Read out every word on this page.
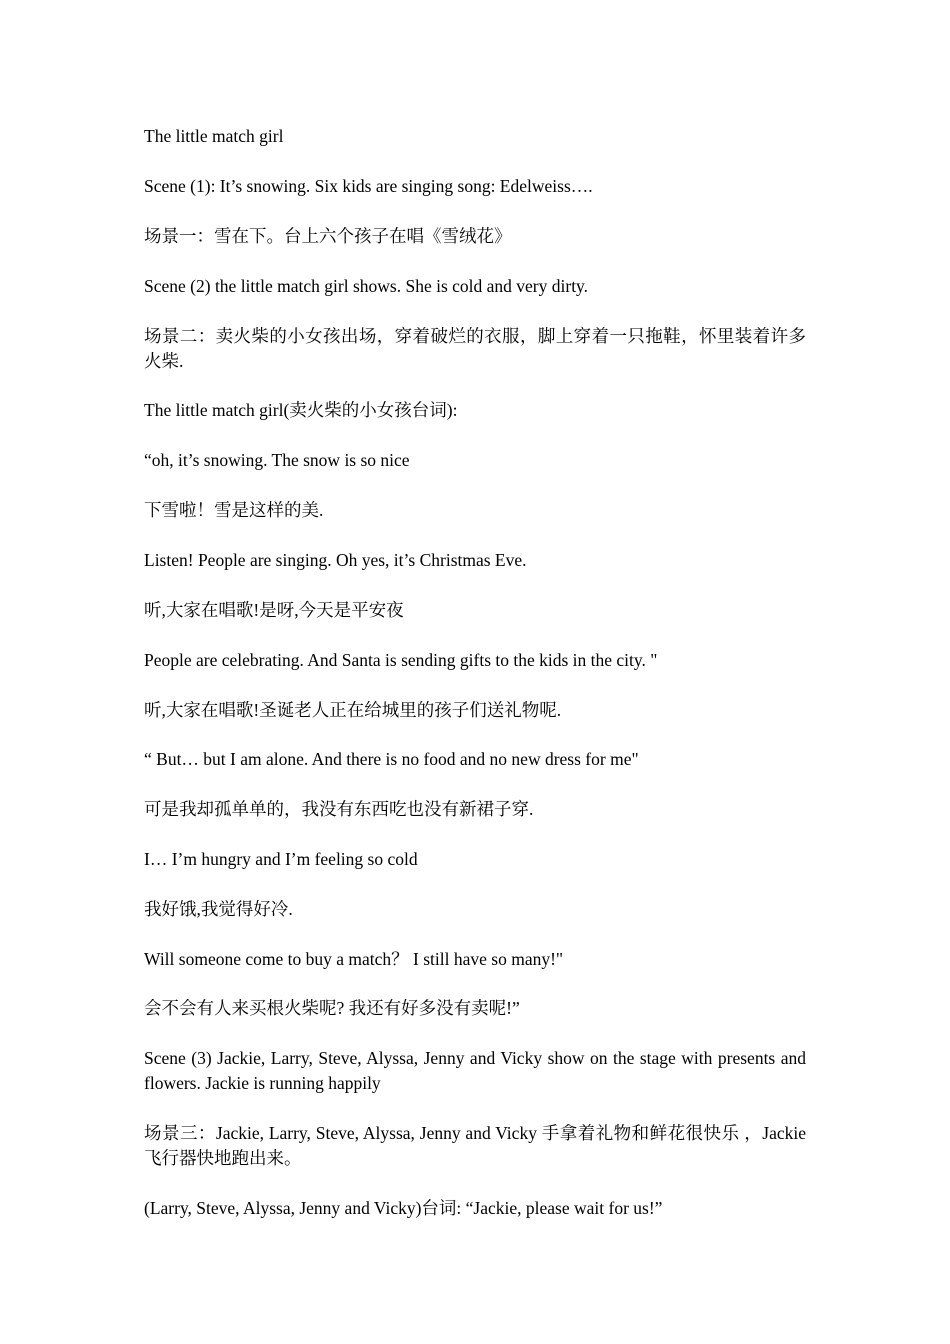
The little match girl

Scene (1): It’s snowing. Six kids are singing song: Edelweiss….

场景一：雪在下。台上六个孩子在唱《雪绒花》

Scene (2) the little match girl shows. She is cold and very dirty.

场景二：卖火柴的小女孩出场，穿着破烂的衣服，脚上穿着一只拖鞋，怀里装着许多火柴.

The little match girl(卖火柴的小女孩台词):

“oh, it’s snowing. The snow is so nice

下雪啦！雪是这样的美.

Listen! People are singing. Oh yes, it’s Christmas Eve.

听,大家在唱歌!是呀,今天是平安夜

People are celebrating. And Santa is sending gifts to the kids in the city. "

听,大家在唱歌!圣诞老人正在给城里的孩子们送礼物呢.

“ But… but I am alone. And there is no food and no new dress for me"

可是我却孤单单的，我没有东西吃也没有新裙子穿.

I… I’m hungry and I’m feeling so cold

我好饿,我觉得好冷.

Will someone come to buy a match？ I still have so many!"

会不会有人来买根火柴呢? 我还有好多没有卖呢!”

Scene (3) Jackie, Larry, Steve, Alyssa, Jenny and Vicky show on the stage with presents and flowers. Jackie is running happily

场景三：Jackie, Larry, Steve, Alyssa, Jenny and Vicky 手拿着礼物和鲜花很快乐 ，Jackie飞行器快地跑出来。

(Larry, Steve, Alyssa, Jenny and Vicky)台词: “Jackie, please wait for us!”
